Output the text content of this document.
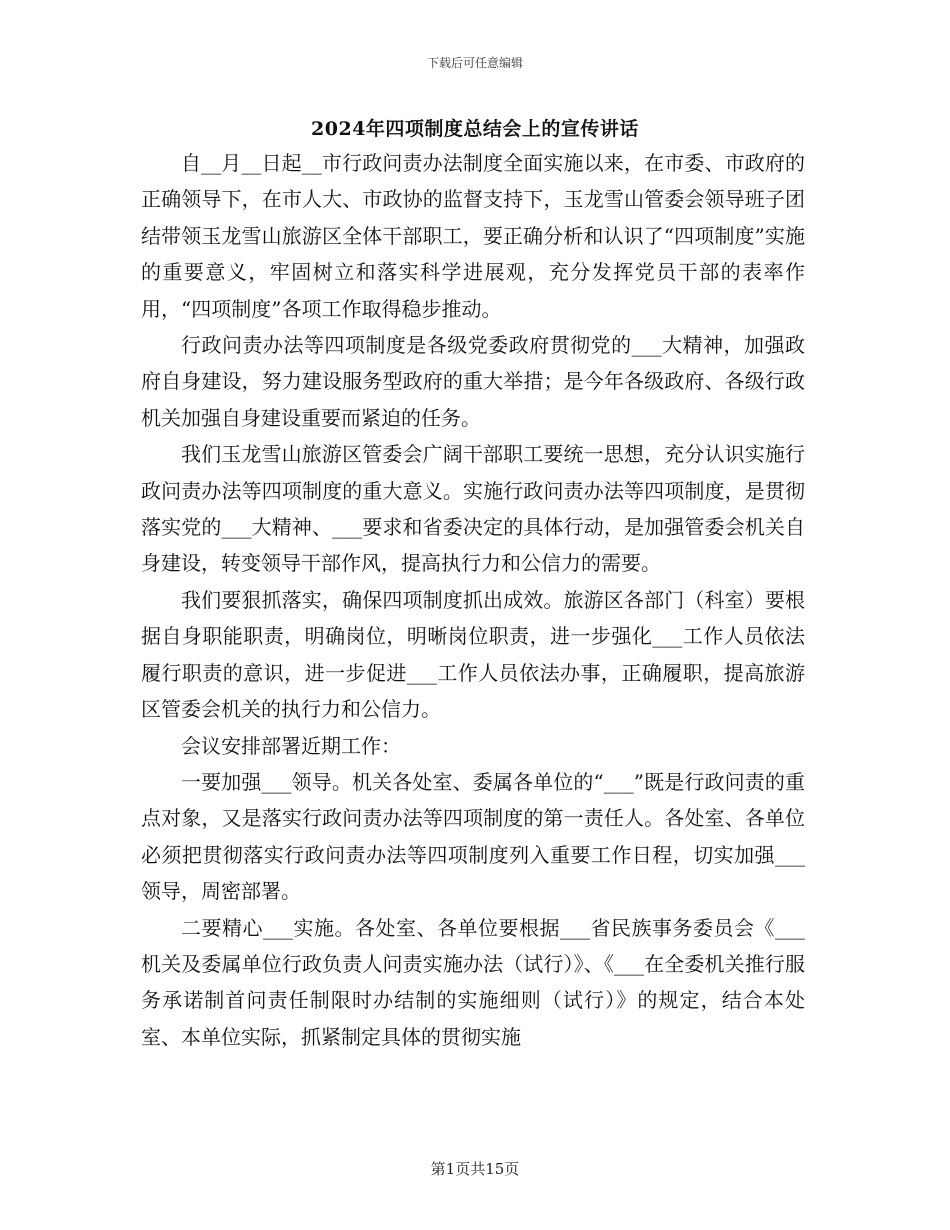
下载后可任意编辑
2024年四项制度总结会上的宣传讲话

自__月__日起__市行政问责办法制度全面实施以来，在市委、市政府的正确领导下，在市人大、市政协的监督支持下，玉龙雪山管委会领导班子团结带领玉龙雪山旅游区全体干部职工，要正确分析和认识了“四项制度”实施的重要意义，牢固树立和落实科学进展观，充分发挥党员干部的表率作用，“四项制度”各项工作取得稳步推动。

行政问责办法等四项制度是各级党委政府贯彻党的___大精神，加强政府自身建设，努力建设服务型政府的重大举措；是今年各级政府、各级行政机关加强自身建设重要而紧迫的任务。

我们玉龙雪山旅游区管委会广阔干部职工要统一思想，充分认识实施行政问责办法等四项制度的重大意义。实施行政问责办法等四项制度，是贯彻落实党的___大精神、___要求和省委决定的具体行动，是加强管委会机关自身建设，转变领导干部作风，提高执行力和公信力的需要。

我们要狠抓落实，确保四项制度抓出成效。旅游区各部门（科室）要根据自身职能职责，明确岗位，明晰岗位职责，进一步强化___工作人员依法履行职责的意识，进一步促进___工作人员依法办事，正确履职，提高旅游区管委会机关的执行力和公信力。

会议安排部署近期工作：

一要加强___领导。机关各处室、委属各单位的“___”既是行政问责的重点对象，又是落实行政问责办法等四项制度的第一责任人。各处室、各单位必须把贯彻落实行政问责办法等四项制度列入重要工作日程，切实加强___领导，周密部署。

二要精心___实施。各处室、各单位要根据___省民族事务委员会《___机关及委属单位行政负责人问责实施办法（试行）》、《___在全委机关推行服务承诺制首问责任制限时办结制的实施细则（试行）》的规定，结合本处室、本单位实际，抓紧制定具体的贯彻实施

第1页共15页
